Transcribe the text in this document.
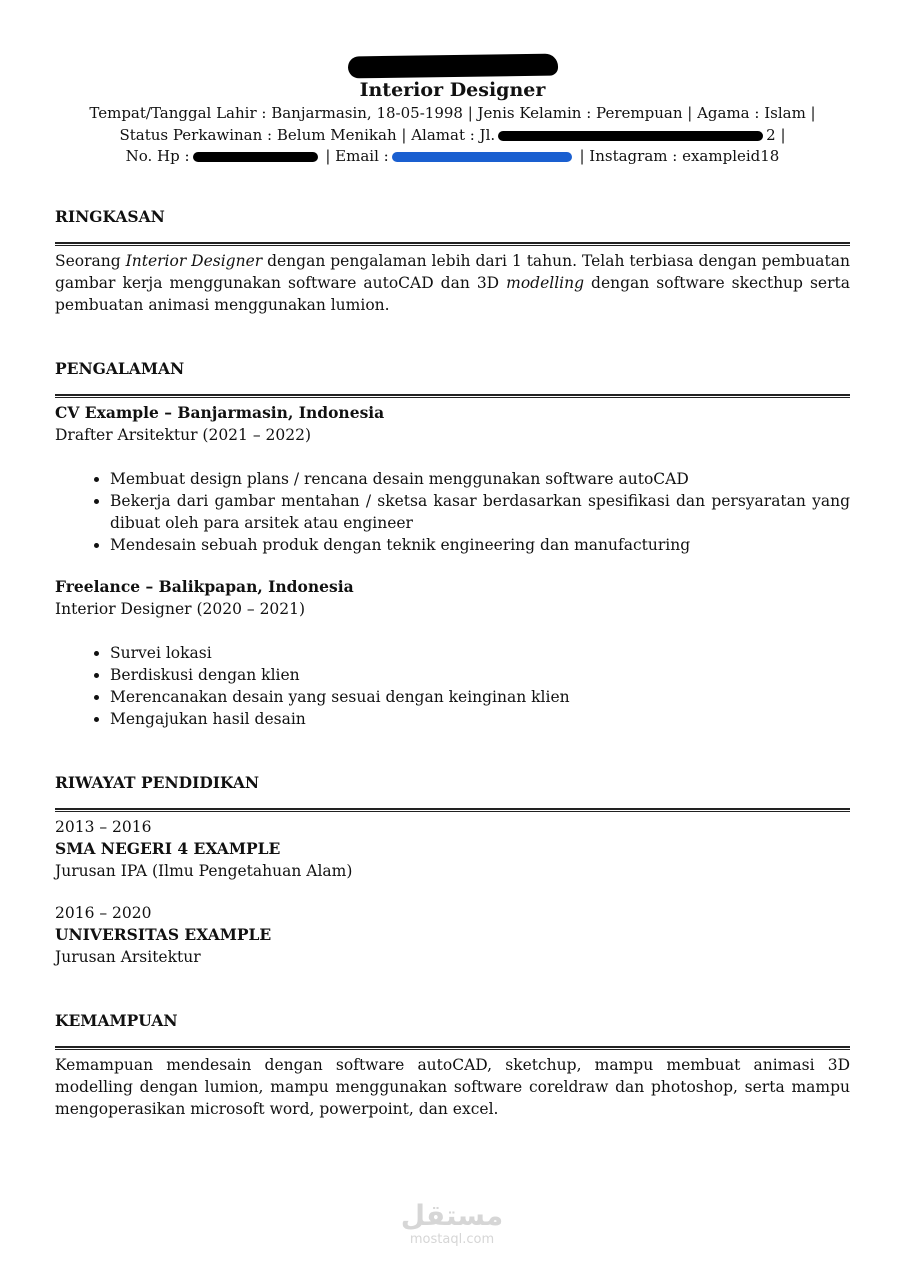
Interior Designer
Tempat/Tanggal Lahir : Banjarmasin, 18-05-1998 | Jenis Kelamin : Perempuan | Agama : Islam |
Status Perkawinan : Belum Menikah | Alamat : Jl.	2 |
No. Hp :	| Email :	| Instagram : exampleid18

RINGKASAN

Seorang Interior Designer dengan pengalaman lebih dari 1 tahun. Telah terbiasa dengan pembuatan gambar kerja menggunakan software autoCAD dan 3D modelling dengan software skecthup serta pembuatan animasi menggunakan lumion.

PENGALAMAN

CV Example – Banjarmasin, Indonesia

Drafter Arsitektur (2021 – 2022)

• Membuat design plans / rencana desain menggunakan software autoCAD
• Bekerja dari gambar mentahan / sketsa kasar berdasarkan spesifikasi dan persyaratan yang dibuat oleh para arsitek atau engineer
• Mendesain sebuah produk dengan teknik engineering dan manufacturing

Freelance – Balikpapan, Indonesia

Interior Designer (2020 – 2021)

• Survei lokasi
• Berdiskusi dengan klien
• Merencanakan desain yang sesuai dengan keinginan klien
• Mengajukan hasil desain

RIWAYAT PENDIDIKAN

2013 – 2016

SMA NEGERI 4 EXAMPLE

Jurusan IPA (Ilmu Pengetahuan Alam)

2016 – 2020

UNIVERSITAS EXAMPLE

Jurusan Arsitektur

KEMAMPUAN

Kemampuan mendesain dengan software autoCAD, sketchup, mampu membuat animasi 3D modelling dengan lumion, mampu menggunakan software coreldraw dan photoshop, serta mampu mengoperasikan microsoft word, powerpoint, dan excel.

مستقل
mostaql.com
